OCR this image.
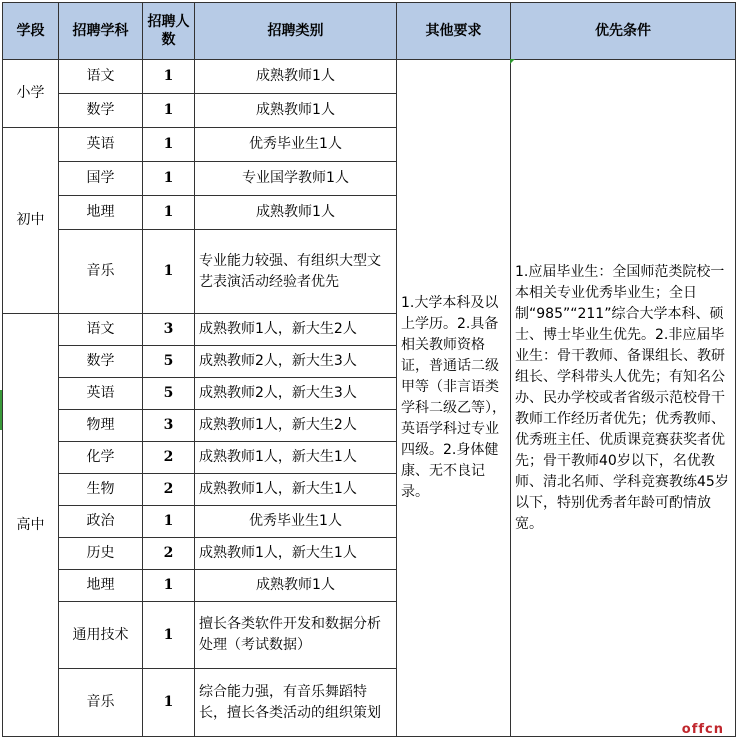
学段	招聘学科	招聘人数	招聘类别	其他要求	优先条件
小学	语文	1	成熟教师1人	1.大学本科及以上学历。2.具备相关教师资格证，普通话二级甲等（非言语类学科二级乙等），英语学科过专业四级。2.身体健康、无不良记录。	1.应届毕业生：全国师范类院校一本相关专业优秀毕业生；全日制“985”“211”综合大学本科、硕士、博士毕业生优先。2.非应届毕业生：骨干教师、备课组长、教研组长、学科带头人优先；有知名公办、民办学校或者省级示范校骨干教师工作经历者优先；优秀教师、优秀班主任、优质课竞赛获奖者优先；骨干教师40岁以下，名优教师、清北名师、学科竞赛教练45岁以下，特别优秀者年龄可酌情放宽。

	数学	1	成熟教师1人		
初中	英语	1	优秀毕业生1人		
	国学	1	专业国学教师1人		
	地理	1	成熟教师1人		
	音乐	1	专业能力较强、有组织大型文艺表演活动经验者优先		
高中	语文	3	成熟教师1人，新大生2人		
	数学	5	成熟教师2人，新大生3人		
	英语	5	成熟教师2人，新大生3人		
	物理	3	成熟教师1人，新大生2人		
	化学	2	成熟教师1人，新大生1人		
	生物	2	成熟教师1人，新大生1人		
	政治	1	优秀毕业生1人		
	历史	2	成熟教师1人，新大生1人		
	地理	1	成熟教师1人		
	通用技术	1	擅长各类软件开发和数据分析处理（考试数据）		
	音乐	1	综合能力强，有音乐舞蹈特长，擅长各类活动的组织策划		
offcn
